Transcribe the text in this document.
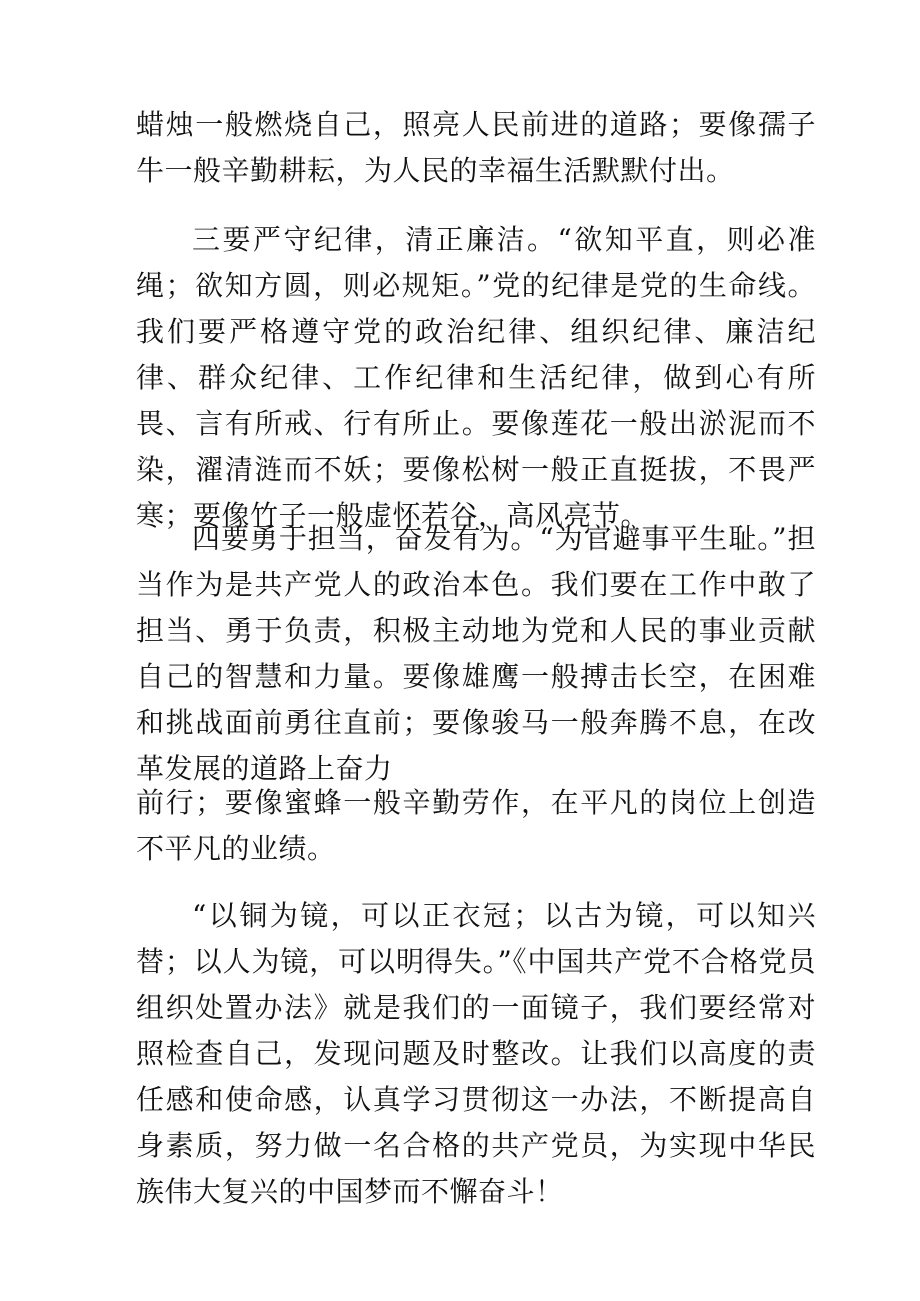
蜡烛一般燃烧自己，照亮人民前进的道路；要像孺子牛一般辛勤耕耘，为人民的幸福生活默默付出。

三要严守纪律，清正廉洁。“欲知平直，则必准绳；欲知方圆，则必规矩。”党的纪律是党的生命线。我们要严格遵守党的政治纪律、组织纪律、廉洁纪律、群众纪律、工作纪律和生活纪律，做到心有所畏、言有所戒、行有所止。要像莲花一般出淤泥而不染，濯清涟而不妖；要像松树一般正直挺拔，不畏严寒；要像竹子一般虚怀若谷，高风亮节。

四要勇于担当，奋发有为。“为官避事平生耻。”担当作为是共产党人的政治本色。我们要在工作中敢了担当、勇于负责，积极主动地为党和人民的事业贡献自己的智慧和力量。要像雄鹰一般搏击长空，在困难和挑战面前勇往直前；要像骏马一般奔腾不息，在改革发展的道路上奋力

前行；要像蜜蜂一般辛勤劳作，在平凡的岗位上创造不平凡的业绩。

“以铜为镜，可以正衣冠；以古为镜，可以知兴替；以人为镜，可以明得失。”《中国共产党不合格党员组织处置办法》就是我们的一面镜子，我们要经常对照检查自己，发现问题及时整改。让我们以高度的责任感和使命感，认真学习贯彻这一办法，不断提高自身素质，努力做一名合格的共产党员，为实现中华民族伟大复兴的中国梦而不懈奋斗！
